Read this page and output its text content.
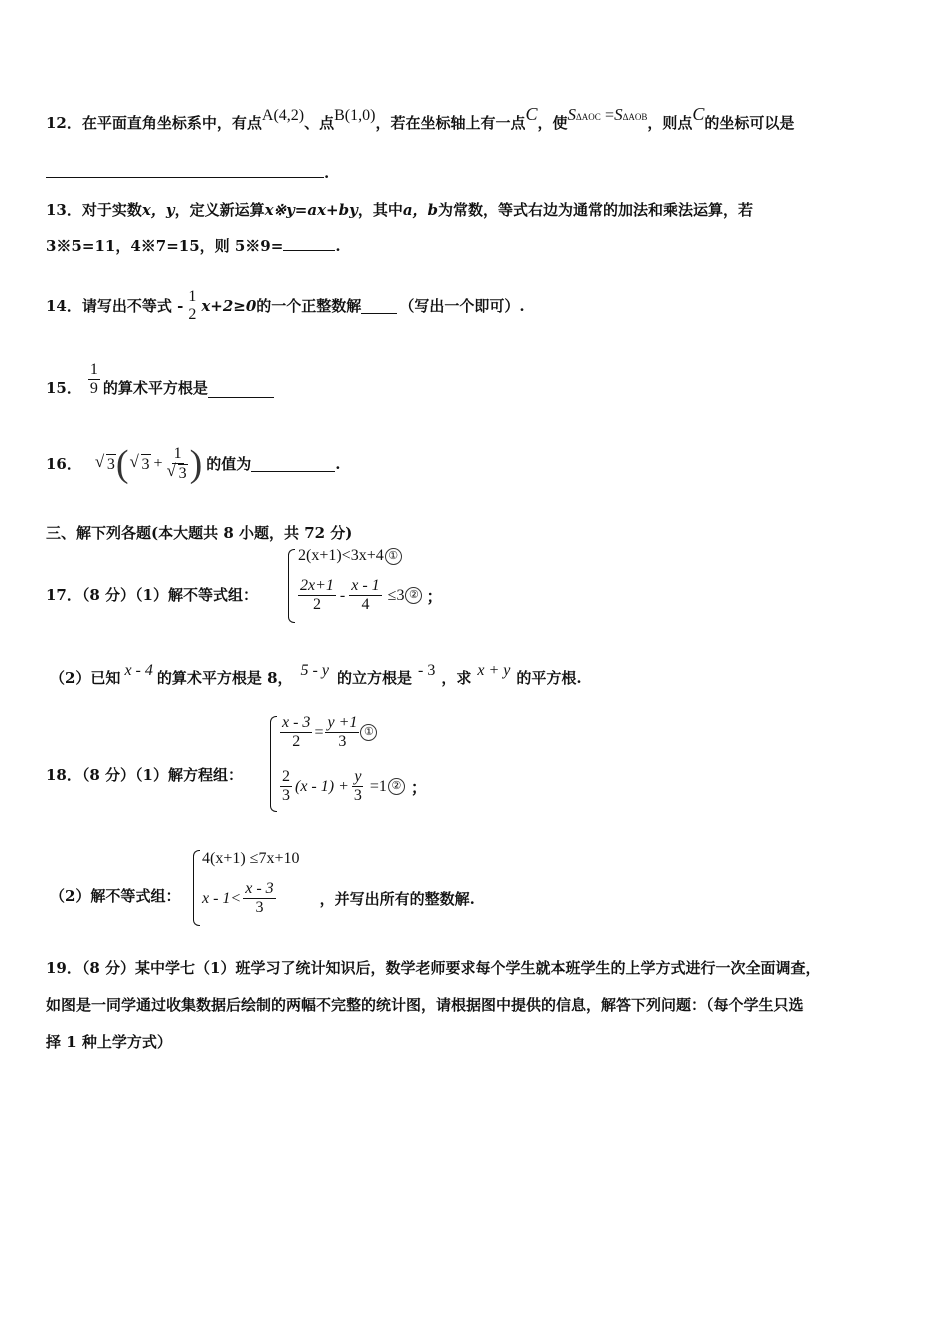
12．在平面直角坐标系中，有点A(4,2)、点B(1,0)，若在坐标轴上有一点C，使SΔAOC =SΔAOB，则点C的坐标可以是
.
13．对于实数x，y，定义新运算x※y=ax+by，其中a，b为常数，等式右边为通常的加法和乘法运算，若
3※5=11，4※7=15，则 5※9=	.
14． 请写出不等式 -
1
2 x+2≥0 的一个正整数解	（写出一个即可）.
15． $\frac{1}{9}$ 的算术平方根是
16． √ 3 ( √ 3 + 1
√ 3 ) 的值为	.
三、解下列各题(本大题共 8 小题，共 72 分)
17．（8 分）（1）解不等式组：
2(x+1)<3x+4 ①
$\frac{2x+1}{2} - \frac{x - 1}{4} \le 3$ ② ；
（2）已知 x - 4 的算术平方根是 8， 5 - y 的立方根是 - 3 ，求 x + y 的平方根.
18．（8 分）（1）解方程组：
$\frac{x - 3}{2} = \frac{y +1}{3}$ ①
$\frac{2}{3} (x - 1) + \frac{y}{3} =1$ ② ；
（2）解不等式组：
4(x+1) ≤7x+10
$x - 1< \frac{x - 3}{3}$	，并写出所有的整数解.
19．（8 分）某中学七（1）班学习了统计知识后，数学老师要求每个学生就本班学生的上学方式进行一次全面调查，
如图是一同学通过收集数据后绘制的两幅不完整的统计图，请根据图中提供的信息，解答下列问题：（每个学生只选
择 1 种上学方式）
